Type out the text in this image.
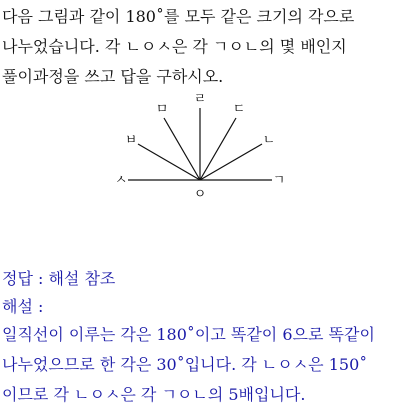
다음 그림과 같이 180˚를 모두 같은 크기의 각으로
나누었습니다. 각 ㄴㅇㅅ은 각 ㄱㅇㄴ의 몇 배인지
풀이과정을 쓰고 답을 구하시오.
ㄹ
ㅁ	ㄷ
ㅂ	ㄴ
ㅅ	ㄱ
ㅇ
정답 : 해설 참조
해설 :
일직선이 이루는 각은 180˚이고 똑같이 6으로 똑같이
나누었으므로 한 각은 30˚입니다. 각 ㄴㅇㅅ은 150˚
이므로 각 ㄴㅇㅅ은 각 ㄱㅇㄴ의 5배입니다.
